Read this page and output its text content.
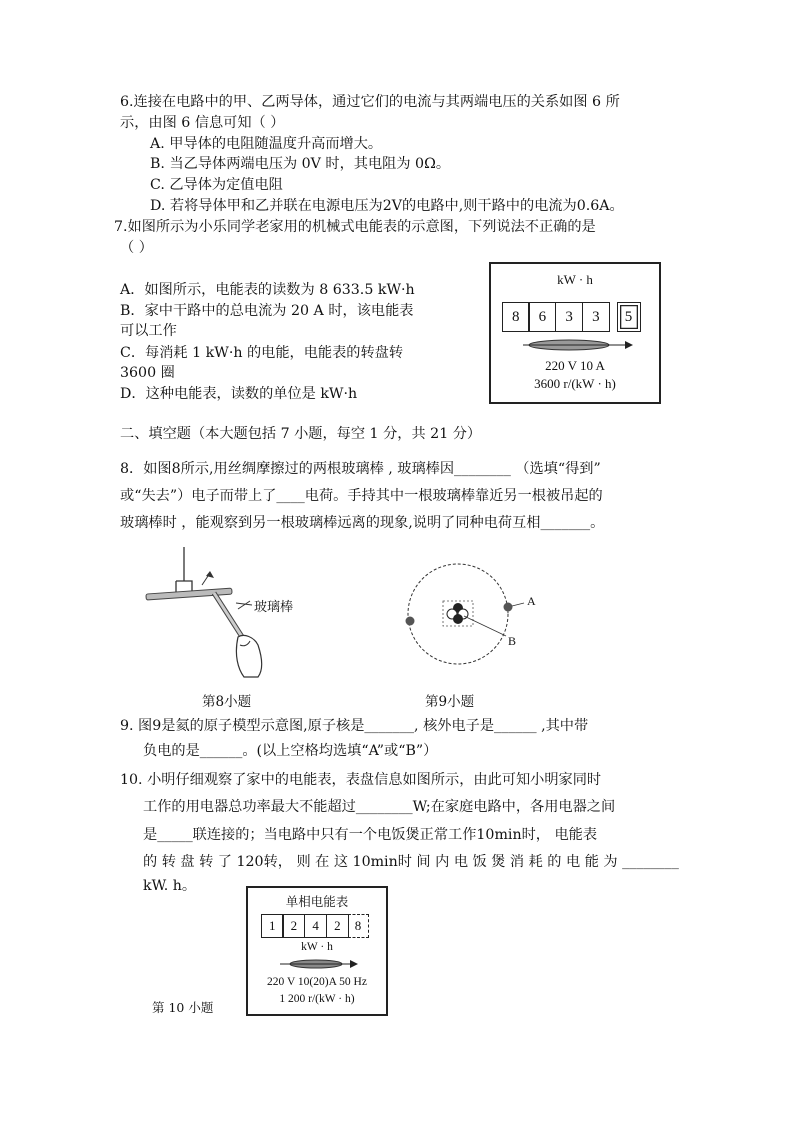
6.连接在电路中的甲、乙两导体，通过它们的电流与其两端电压的关系如图 6 所
示，由图 6 信息可知（ ）
A. 甲导体的电阻随温度升高而增大。
B. 当乙导体两端电压为 0V 时，其电阻为 0Ω。
C. 乙导体为定值电阻
D. 若将导体甲和乙并联在电源电压为2V的电路中,则干路中的电流为0.6A。
7.如图所示为小乐同学老家用的机械式电能表的示意图，下列说法不正确的是
（ ）
A．如图所示，电能表的读数为 8 633.5 kW·h
B．家中干路中的总电流为 20 A 时，该电能表
可以工作
C．每消耗 1 kW·h 的电能，电能表的转盘转
3600 圈
D．这种电能表，读数的单位是 kW·h
kW · h
8	6	3	3	5
220 V 10 A
3600 r/(kW · h)
二、填空题（本大题包括 7 小题，每空 1 分，共 21 分）
8．如图8所示,用丝绸摩擦过的两根玻璃棒 , 玻璃棒因________ （选填“得到”
或“失去”）电子而带上了____电荷。手持其中一根玻璃棒靠近另一根被吊起的
玻璃棒时 ，能观察到另一根玻璃棒远离的现象,说明了同种电荷互相_______。
玻璃棒
第8小题
A
B
第9小题
9. 图9是氦的原子模型示意图,原子核是_______, 核外电子是______ ,其中带
负电的是______。(以上空格均选填“A”或“B”）
10. 小明仔细观察了家中的电能表，表盘信息如图所示，由此可知小明家同时
工作的用电器总功率最大不能超过________W;在家庭电路中，各用电器之间
是_____联连接的；当电路中只有一个电饭煲正常工作10min时， 电能表
的 转 盘 转 了 120转， 则 在 这 10min时 间 内 电 饭 煲 消 耗 的 电 能 为 ________
kW. h。
单相电能表
1	2	4	2	8
kW · h
220 V 10(20)A 50 Hz
1 200 r/(kW · h)
第 10 小题
